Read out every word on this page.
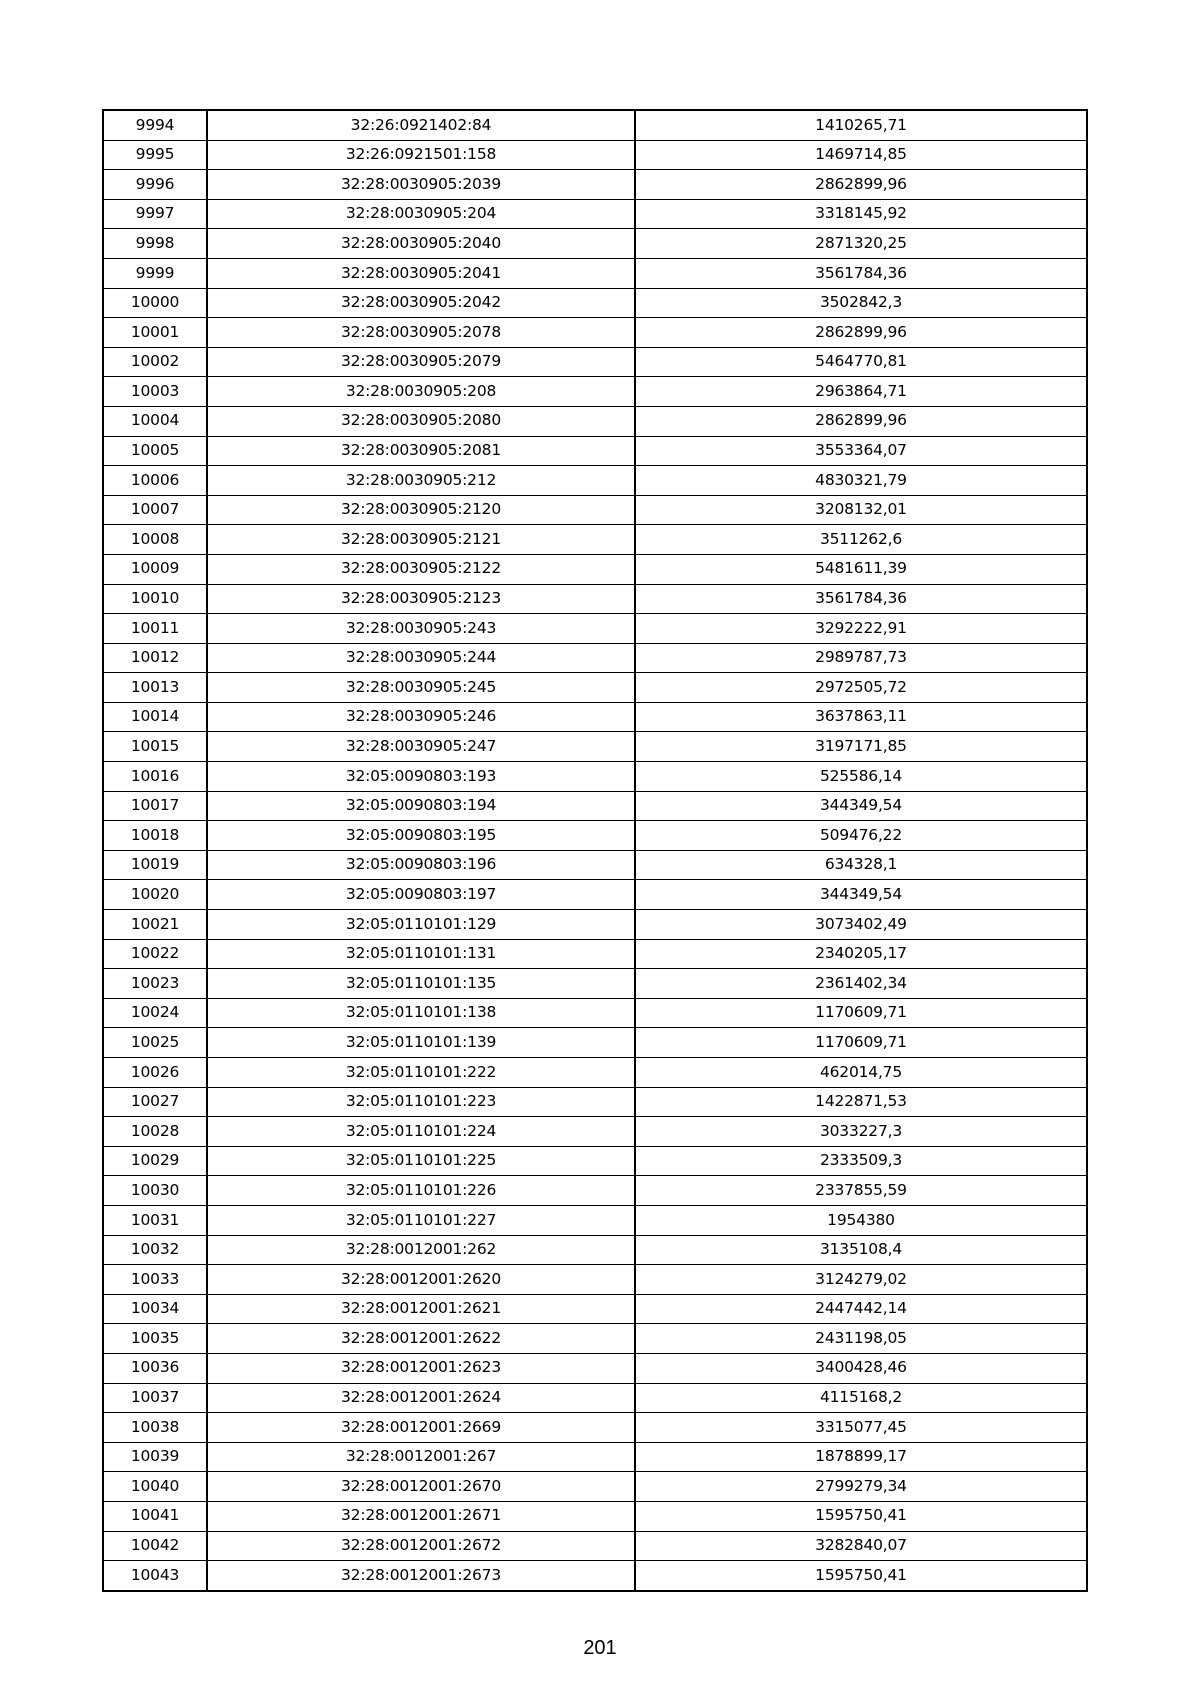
9994	32:26:0921402:84	1410265,71
9995	32:26:0921501:158	1469714,85
9996	32:28:0030905:2039	2862899,96
9997	32:28:0030905:204	3318145,92
9998	32:28:0030905:2040	2871320,25
9999	32:28:0030905:2041	3561784,36
10000	32:28:0030905:2042	3502842,3
10001	32:28:0030905:2078	2862899,96
10002	32:28:0030905:2079	5464770,81
10003	32:28:0030905:208	2963864,71
10004	32:28:0030905:2080	2862899,96
10005	32:28:0030905:2081	3553364,07
10006	32:28:0030905:212	4830321,79
10007	32:28:0030905:2120	3208132,01
10008	32:28:0030905:2121	3511262,6
10009	32:28:0030905:2122	5481611,39
10010	32:28:0030905:2123	3561784,36
10011	32:28:0030905:243	3292222,91
10012	32:28:0030905:244	2989787,73
10013	32:28:0030905:245	2972505,72
10014	32:28:0030905:246	3637863,11
10015	32:28:0030905:247	3197171,85
10016	32:05:0090803:193	525586,14
10017	32:05:0090803:194	344349,54
10018	32:05:0090803:195	509476,22
10019	32:05:0090803:196	634328,1
10020	32:05:0090803:197	344349,54
10021	32:05:0110101:129	3073402,49
10022	32:05:0110101:131	2340205,17
10023	32:05:0110101:135	2361402,34
10024	32:05:0110101:138	1170609,71
10025	32:05:0110101:139	1170609,71
10026	32:05:0110101:222	462014,75
10027	32:05:0110101:223	1422871,53
10028	32:05:0110101:224	3033227,3
10029	32:05:0110101:225	2333509,3
10030	32:05:0110101:226	2337855,59
10031	32:05:0110101:227	1954380
10032	32:28:0012001:262	3135108,4
10033	32:28:0012001:2620	3124279,02
10034	32:28:0012001:2621	2447442,14
10035	32:28:0012001:2622	2431198,05
10036	32:28:0012001:2623	3400428,46
10037	32:28:0012001:2624	4115168,2
10038	32:28:0012001:2669	3315077,45
10039	32:28:0012001:267	1878899,17
10040	32:28:0012001:2670	2799279,34
10041	32:28:0012001:2671	1595750,41
10042	32:28:0012001:2672	3282840,07
10043	32:28:0012001:2673	1595750,41
201
